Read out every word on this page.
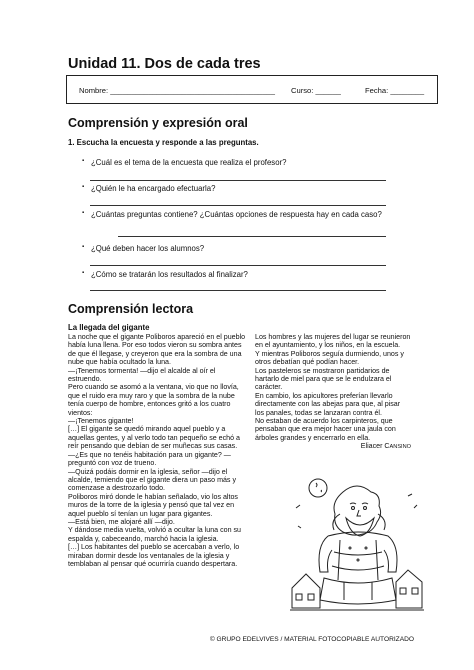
Unidad 11. Dos de cada tres
Nombre: _______________________________________ Curso: ______	Fecha: ________
Comprensión y expresión oral
1. Escucha la encuesta y responde a las preguntas.
▪ ¿Cuál es el tema de la encuesta que realiza el profesor?
▪ ¿Quién le ha encargado efectuarla?
▪ ¿Cuántas preguntas contiene? ¿Cuántas opciones de respuesta hay en cada caso?
▪ ¿Qué deben hacer los alumnos?
▪ ¿Cómo se tratarán los resultados al finalizar?
Comprensión lectora
La llegada del gigante

La noche que el gigante Poliboros apareció en el pueblo había luna llena. Por eso todos vieron su sombra antes de que él llegase, y creyeron que era la sombra de una nube que había ocultado la luna.

—¡Tenemos tormenta! —dijo el alcalde al oír el estruendo.

Pero cuando se asomó a la ventana, vio que no llovía, que el ruido era muy raro y que la sombra de la nube tenía cuerpo de hombre, entonces gritó a los cuatro vientos:

—¡Tenemos gigante!

[…] El gigante se quedó mirando aquel pueblo y a aquellas gentes, y al verlo todo tan pequeño se echó a reír pensando que debían de ser muñecas sus casas.

—¿Es que no tenéis habitación para un gigante? —preguntó con voz de trueno.

—Quizá podáis dormir en la iglesia, señor —dijo el alcalde, temiendo que el gigante diera un paso más y comenzase a destrozarlo todo.

Poliboros miró donde le habían señalado, vio los altos muros de la torre de la iglesia y pensó que tal vez en aquel pueblo sí tenían un lugar para gigantes.

—Está bien, me alojaré allí —dijo.

Y dándose media vuelta, volvió a ocultar la luna con su espalda y, cabeceando, marchó hacia la iglesia.

[…] Los habitantes del pueblo se acercaban a verlo, lo miraban dormir desde los ventanales de la iglesia y temblaban al pensar qué ocurriría cuando despertara.

Los hombres y las mujeres del lugar se reunieron en el ayuntamiento, y los niños, en la escuela.

Y mientras Poliboros seguía durmiendo, unos y otros debatían qué podían hacer.

Los pasteleros se mostraron partidarios de hartarlo de miel para que se le endulzara el carácter.

En cambio, los apicultores preferían llevarlo directamente con las abejas para que, al pisar los panales, todas se lanzaran contra él.

No estaban de acuerdo los carpinteros, que pensaban que era mejor hacer una jaula con árboles grandes y encerrarlo en ella.

Eliacer CANSINO

© GRUPO EDELVIVES / MATERIAL FOTOCOPIABLE AUTORIZADO
